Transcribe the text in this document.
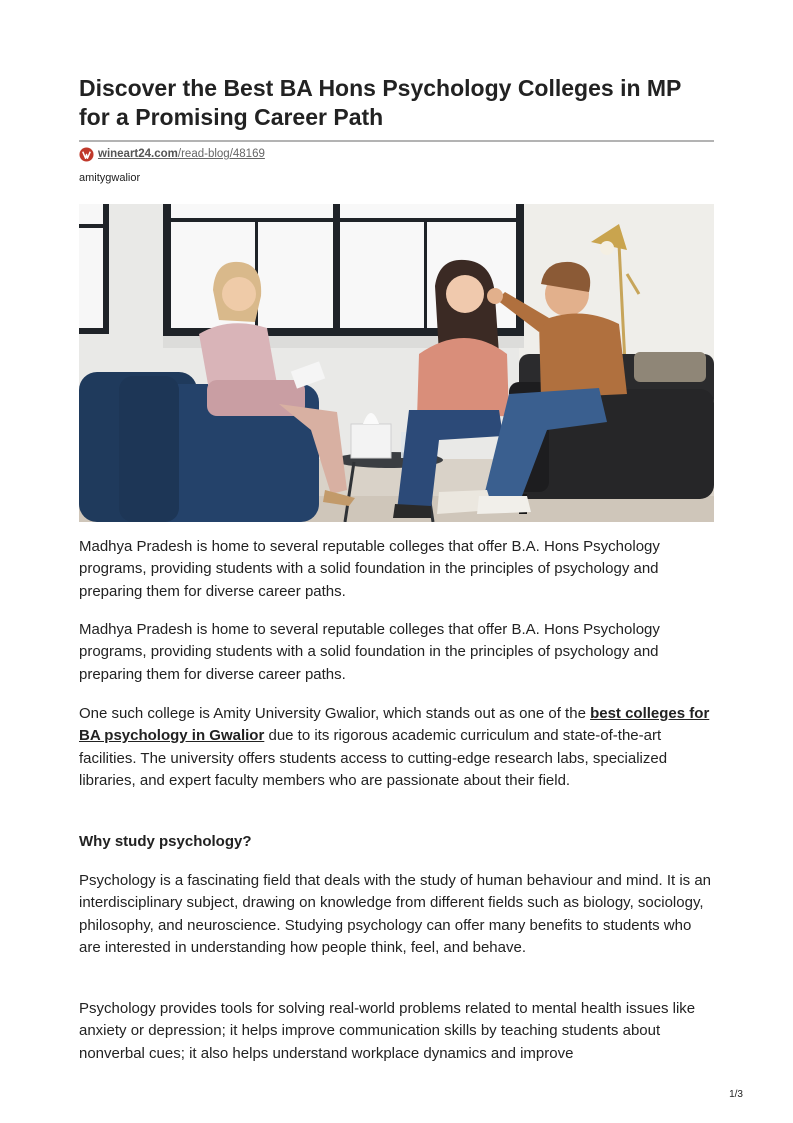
Discover the Best BA Hons Psychology Colleges in MP for a Promising Career Path
wineart24.com/read-blog/48169
amitygwalior

Madhya Pradesh is home to several reputable colleges that offer B.A. Hons Psychology programs, providing students with a solid foundation in the principles of psychology and preparing them for diverse career paths.

Madhya Pradesh is home to several reputable colleges that offer B.A. Hons Psychology programs, providing students with a solid foundation in the principles of psychology and preparing them for diverse career paths.

One such college is Amity University Gwalior, which stands out as one of the best colleges for BA psychology in Gwalior due to its rigorous academic curriculum and state-of-the-art facilities. The university offers students access to cutting-edge research labs, specialized libraries, and expert faculty members who are passionate about their field.

Why study psychology?

Psychology is a fascinating field that deals with the study of human behaviour and mind. It is an interdisciplinary subject, drawing on knowledge from different fields such as biology, sociology, philosophy, and neuroscience. Studying psychology can offer many benefits to students who are interested in understanding how people think, feel, and behave.

Psychology provides tools for solving real-world problems related to mental health issues like anxiety or depression; it helps improve communication skills by teaching students about nonverbal cues; it also helps understand workplace dynamics and improve

1/3
